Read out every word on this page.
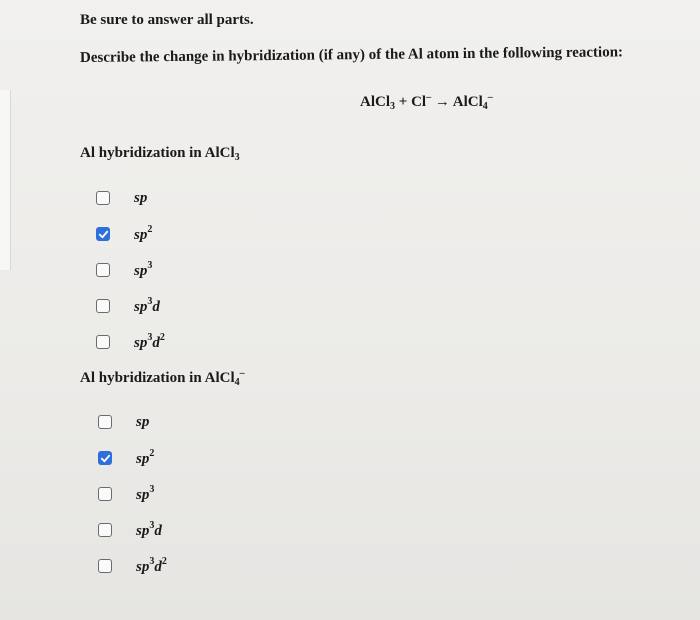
Be sure to answer all parts.
Describe the change in hybridization (if any) of the Al atom in the following reaction:
AlCl$_3$ + Cl– → AlCl$_4$–
Al hybridization in AlCl$_3$
sp
$sp^2$
$sp^3$
$sp^3d$
$sp^3d^2$
Al hybridization in AlCl$_4$–
sp
$sp^2$
$sp^3$
$sp^3d$
$sp^3d^2$
